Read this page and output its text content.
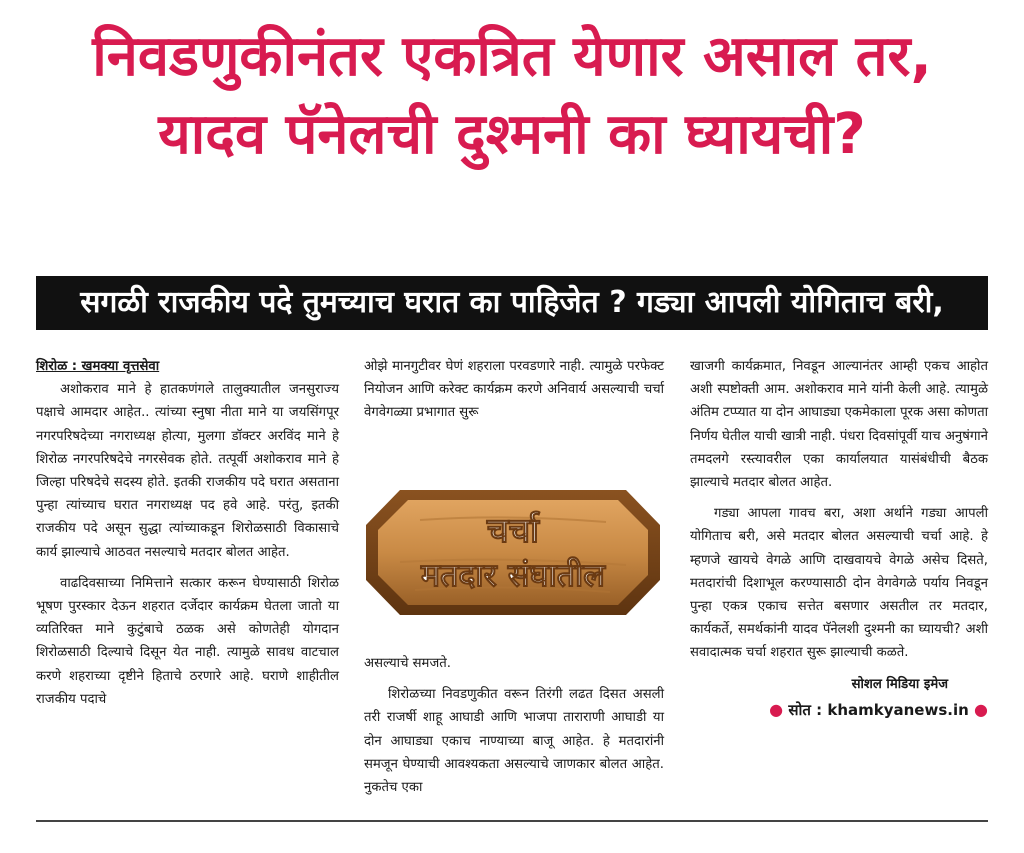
निवडणुकीनंतर एकत्रित येणार असाल तर,
यादव पॅनेलची दुश्मनी का घ्यायची?
सगळी राजकीय पदे तुमच्याच घरात का पाहिजेत ? गड्या आपली योगिताच बरी,
शिरोळ : खमक्या वृत्तसेवा

अशोकराव माने हे हातकणंगले तालुक्यातील जनसुराज्य पक्षाचे आमदार आहेत.. त्यांच्या स्नुषा नीता माने या जयसिंगपूर नगरपरिषदेच्या नगराध्यक्ष होत्या, मुलगा डॉक्टर अरविंद माने हे शिरोळ नगरपरिषदेचे नगरसेवक होते. तत्पूर्वी अशोकराव माने हे जिल्हा परिषदेचे सदस्य होते. इतकी राजकीय पदे घरात असताना पुन्हा त्यांच्याच घरात नगराध्यक्ष पद हवे आहे. परंतु, इतकी राजकीय पदे असून सुद्धा त्यांच्याकडून शिरोळसाठी विकासाचे कार्य झाल्याचे आठवत नसल्याचे मतदार बोलत आहेत.

वाढदिवसाच्या निमित्ताने सत्कार करून घेण्यासाठी शिरोळ भूषण पुरस्कार देऊन शहरात दर्जेदार कार्यक्रम घेतला जातो या व्यतिरिक्त माने कुटुंबाचे ठळक असे कोणतेही योगदान शिरोळसाठी दिल्याचे दिसून येत नाही. त्यामुळे सावध वाटचाल करणे शहराच्या दृष्टीने हिताचे ठरणारे आहे. घराणे शाहीतील राजकीय पदाचे

ओझे मानगुटीवर घेणं शहराला परवडणारे नाही. त्यामुळे परफेक्ट नियोजन आणि करेक्ट कार्यक्रम करणे अनिवार्य असल्याची चर्चा वेगवेगळ्या प्रभागात सुरू

चर्चा
मतदार संघातील

असल्याचे समजते.

शिरोळच्या निवडणुकीत वरून तिरंगी लढत दिसत असली तरी राजर्षी शाहू आघाडी आणि भाजपा ताराराणी आघाडी या दोन आघाड्या एकाच नाण्याच्या बाजू आहेत. हे मतदारांनी समजून घेण्याची आवश्यकता असल्याचे जाणकार बोलत आहेत. नुकतेच एका

खाजगी कार्यक्रमात, निवडून आल्यानंतर आम्ही एकच आहोत अशी स्पष्टोक्ती आम. अशोकराव माने यांनी केली आहे. त्यामुळे अंतिम टप्प्यात या दोन आघाड्या एकमेकाला पूरक असा कोणता निर्णय घेतील याची खात्री नाही. पंधरा दिवसांपूर्वी याच अनुषंगाने तमदलगे रस्त्यावरील एका कार्यालयात यासंबंधीची बैठक झाल्याचे मतदार बोलत आहेत.

गड्या आपला गावच बरा, अशा अर्थाने गड्या आपली योगिताच बरी, असे मतदार बोलत असल्याची चर्चा आहे. हे म्हणजे खायचे वेगळे आणि दाखवायचे वेगळे असेच दिसते, मतदारांची दिशाभूल करण्यासाठी दोन वेगवेगळे पर्याय निवडून पुन्हा एकत्र एकाच सत्तेत बसणार असतील तर मतदार, कार्यकर्ते, समर्थकांनी यादव पॅनेलशी दुश्मनी का घ्यायची? अशी सवादात्मक चर्चा शहरात सुरू झाल्याची कळते.

सोशल मिडिया इमेज
● सोत : khamkyanews.in ●
